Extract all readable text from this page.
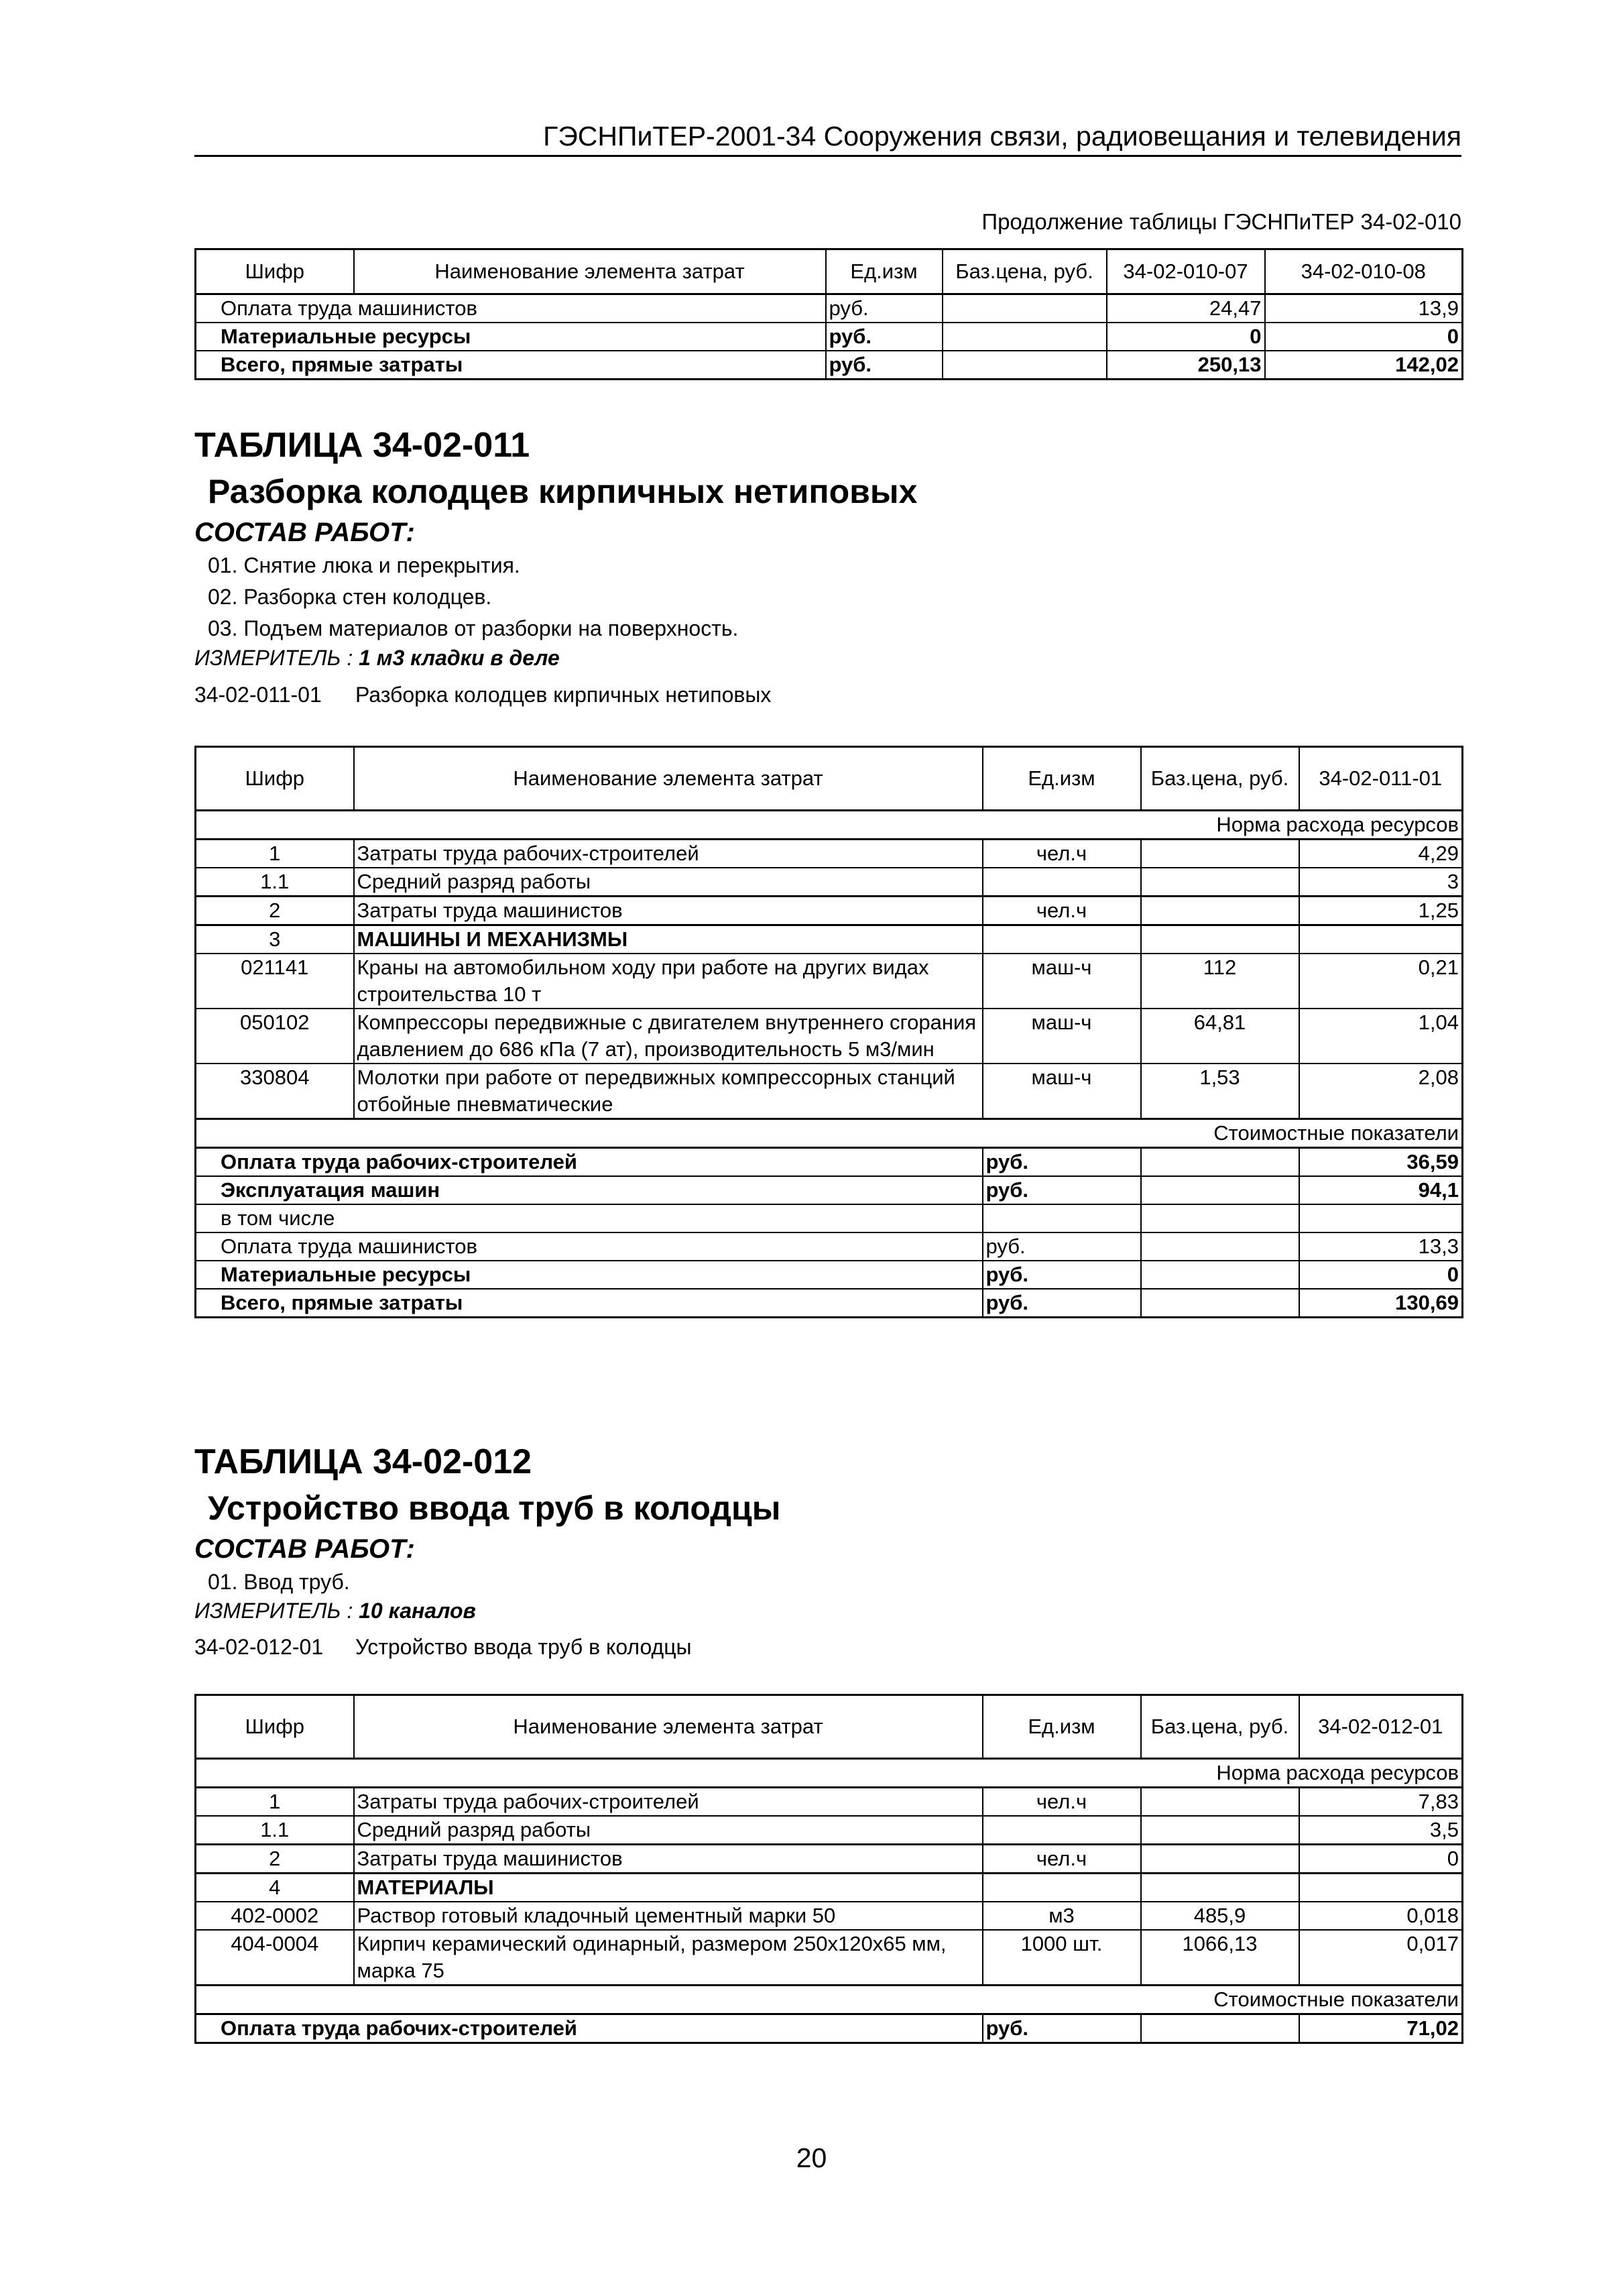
ГЭСНПиТЕР-2001-34 Сооружения связи, радиовещания и телевидения
Продолжение таблицы ГЭСНПиТЕР 34-02-010
Шифр	Наименование элемента затрат	Ед.изм	Баз.цена, руб.	34-02-010-07	34-02-010-08
Оплата труда машинистов		руб.		24,47	13,9
Материальные ресурсы		руб.		0	0
Всего, прямые затраты		руб.		250,13	142,02
ТАБЛИЦА 34-02-011
Разборка колодцев кирпичных нетиповых
СОСТАВ РАБОТ:
01. Снятие люка и перекрытия.
02. Разборка стен колодцев.
03. Подъем материалов от разборки на поверхность.
ИЗМЕРИТЕЛЬ : 1 м3 кладки в деле
34-02-011-01 Разборка колодцев кирпичных нетиповых
Шифр	Наименование элемента затрат	Ед.изм	Баз.цена, руб.	34-02-011-01
Норма расхода ресурсов				
1	Затраты труда рабочих-строителей	чел.ч		4,29
1.1	Средний разряд работы			3
2	Затраты труда машинистов	чел.ч		1,25
3	МАШИНЫ И МЕХАНИЗМЫ			
021141	Краны на автомобильном ходу при работе на других видах строительства 10 т	маш-ч	112	0,21
050102	Компрессоры передвижные с двигателем внутреннего сгорания давлением до 686 кПа (7 ат), производительность 5 м3/мин	маш-ч	64,81	1,04
330804	Молотки при работе от передвижных компрессорных станций отбойные пневматические	маш-ч	1,53	2,08
Стоимостные показатели				
Оплата труда рабочих-строителей		руб.		36,59
Эксплуатация машин		руб.		94,1
в том числе				
Оплата труда машинистов		руб.		13,3
Материальные ресурсы		руб.		0
Всего, прямые затраты		руб.		130,69
ТАБЛИЦА 34-02-012
Устройство ввода труб в колодцы
СОСТАВ РАБОТ:
01. Ввод труб.
ИЗМЕРИТЕЛЬ : 10 каналов
34-02-012-01 Устройство ввода труб в колодцы
Шифр	Наименование элемента затрат	Ед.изм	Баз.цена, руб.	34-02-012-01
Норма расхода ресурсов				
1	Затраты труда рабочих-строителей	чел.ч		7,83
1.1	Средний разряд работы			3,5
2	Затраты труда машинистов	чел.ч		0
4	МАТЕРИАЛЫ			
402-0002	Раствор готовый кладочный цементный марки 50	м3	485,9	0,018
404-0004	Кирпич керамический одинарный, размером 250х120х65 мм, марка 75	1000 шт.	1066,13	0,017
Стоимостные показатели				
Оплата труда рабочих-строителей		руб.		71,02
20
